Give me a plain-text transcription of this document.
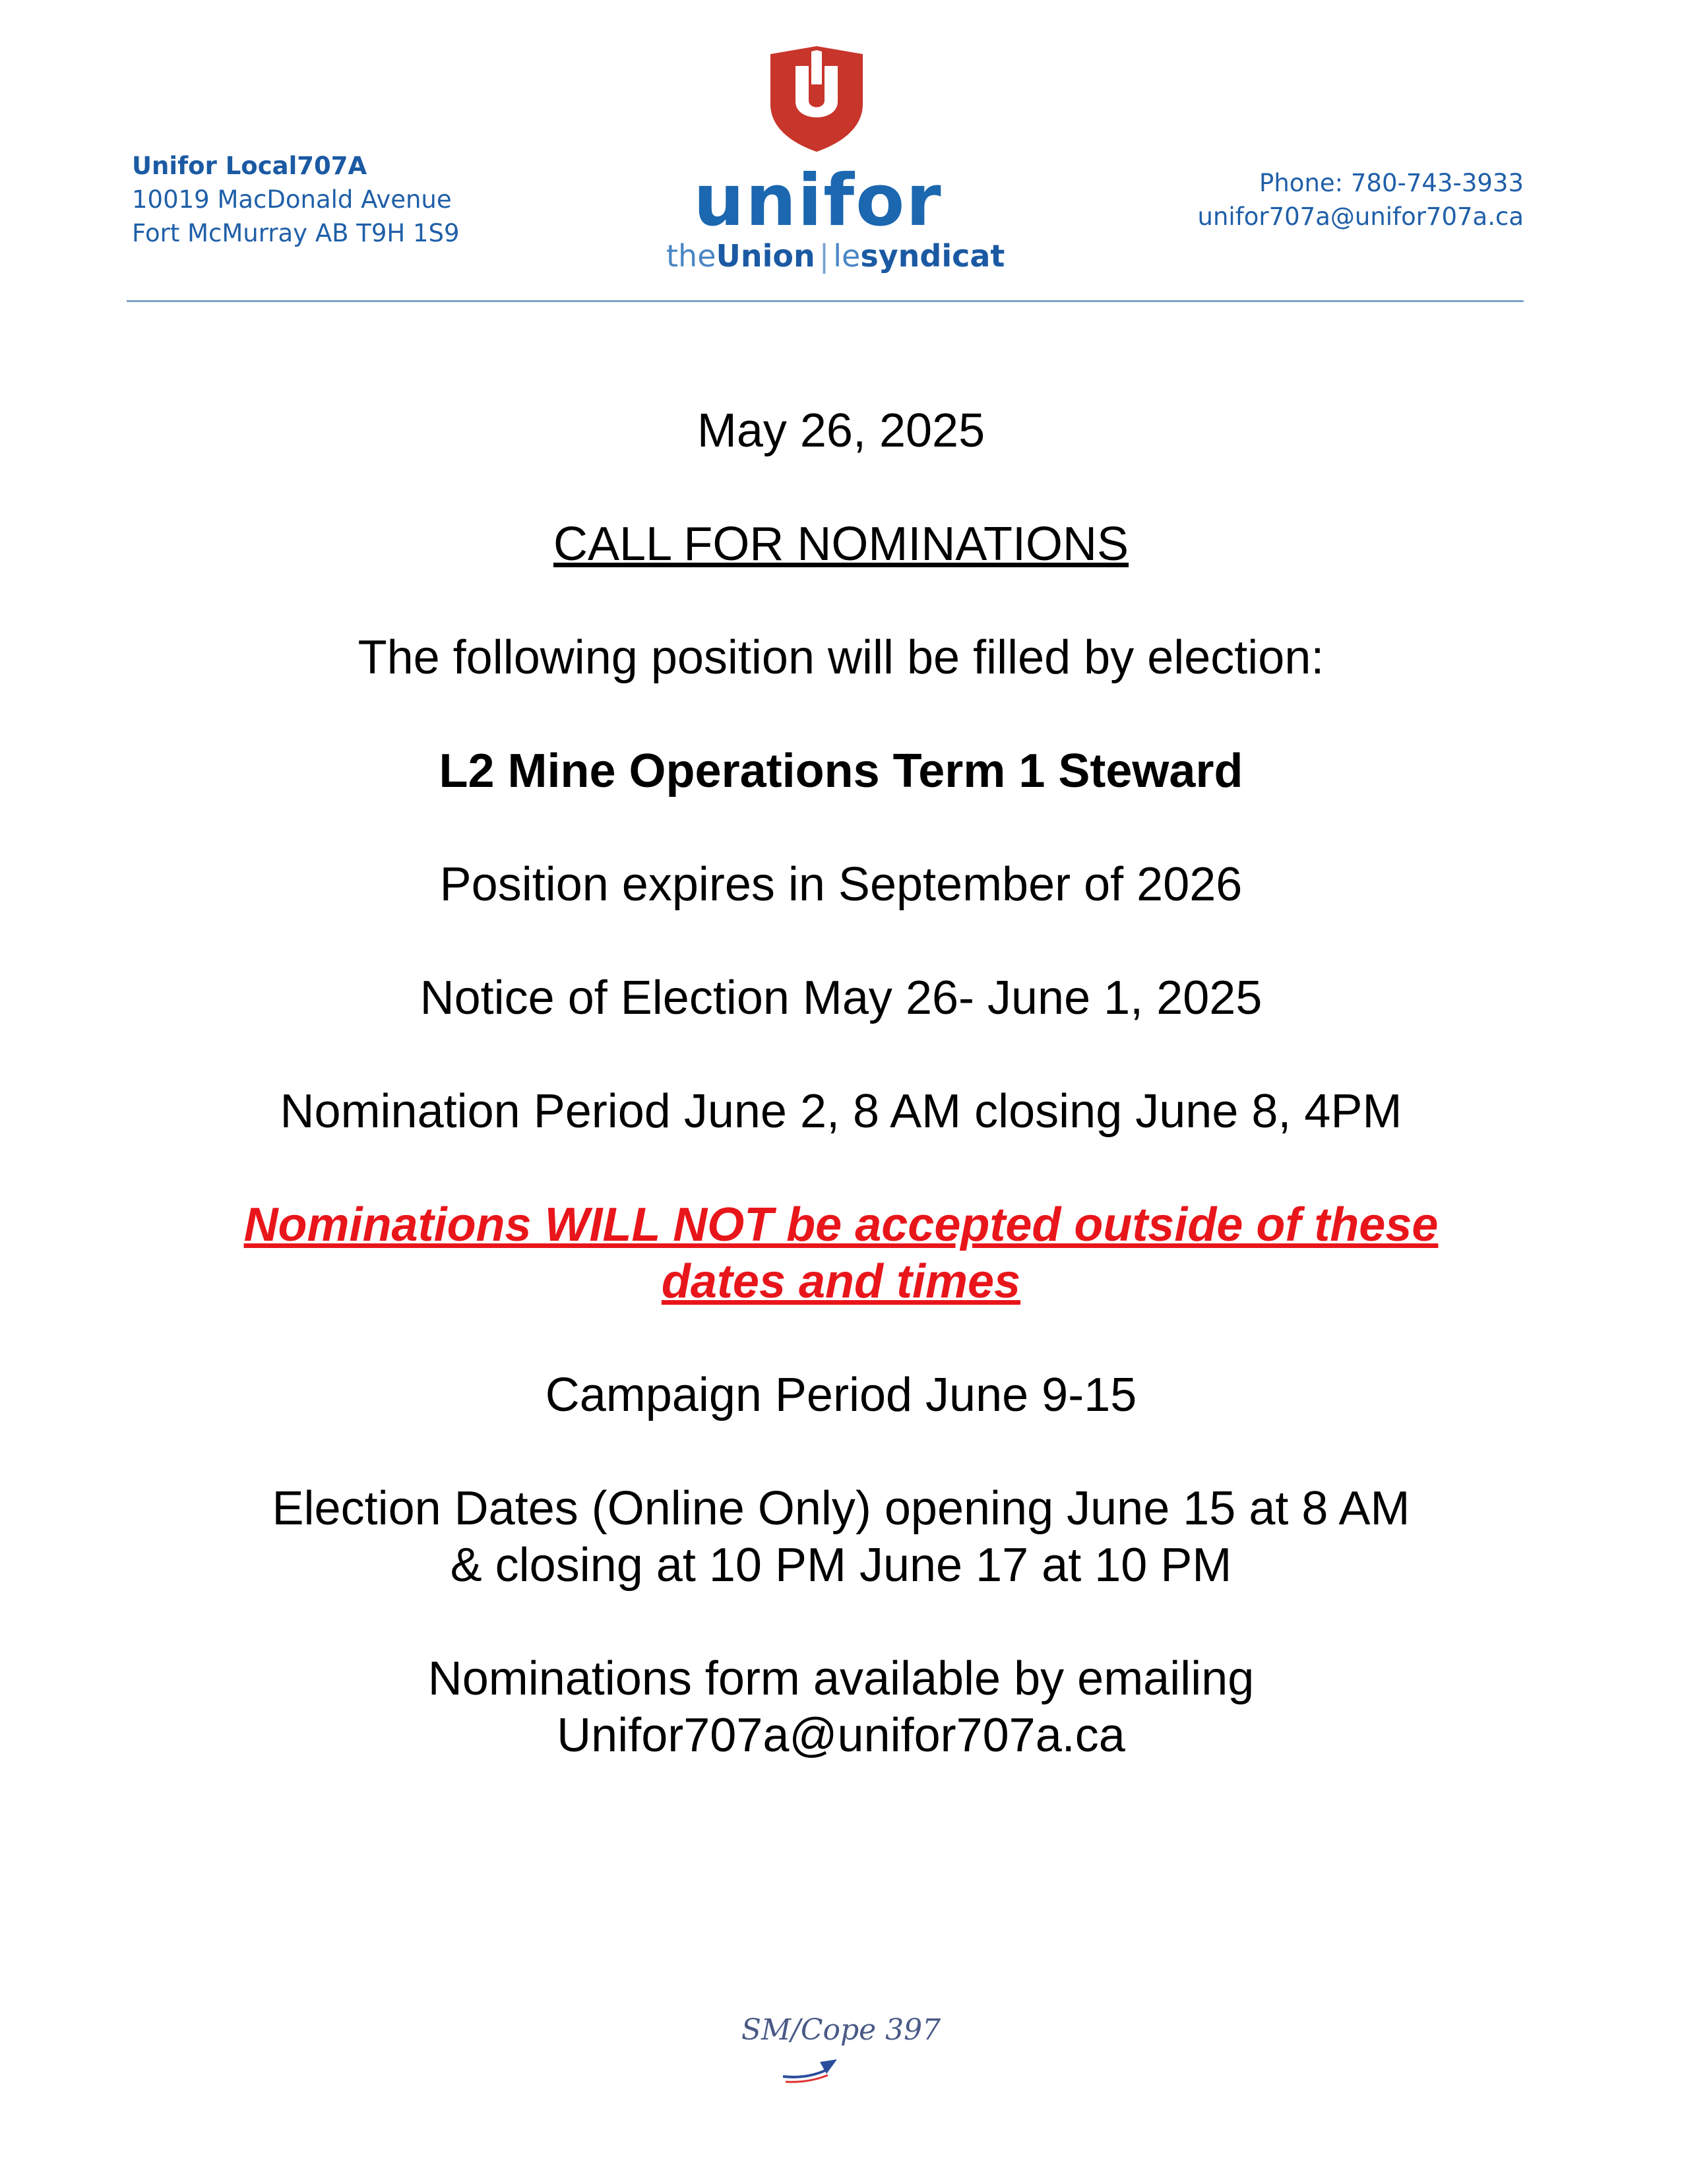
Unifor Local707A
10019 MacDonald Avenue
Fort McMurray AB T9H 1S9	unifor
theUnion | lesyndicat
Phone: 780-743-3933
unifor707a@unifor707a.ca

May 26, 2025

CALL FOR NOMINATIONS

The following position will be filled by election:

L2 Mine Operations Term 1 Steward

Position expires in September of 2026

Notice of Election May 26- June 1, 2025

Nomination Period June 2, 8 AM closing June 8, 4PM

Nominations WILL NOT be accepted outside of these
dates and times

Campaign Period June 9-15

Election Dates (Online Only) opening June 15 at 8 AM
& closing at 10 PM June 17 at 10 PM
Nominations form available by emailing
Unifor707a@unifor707a.ca
SM/Cope 397
